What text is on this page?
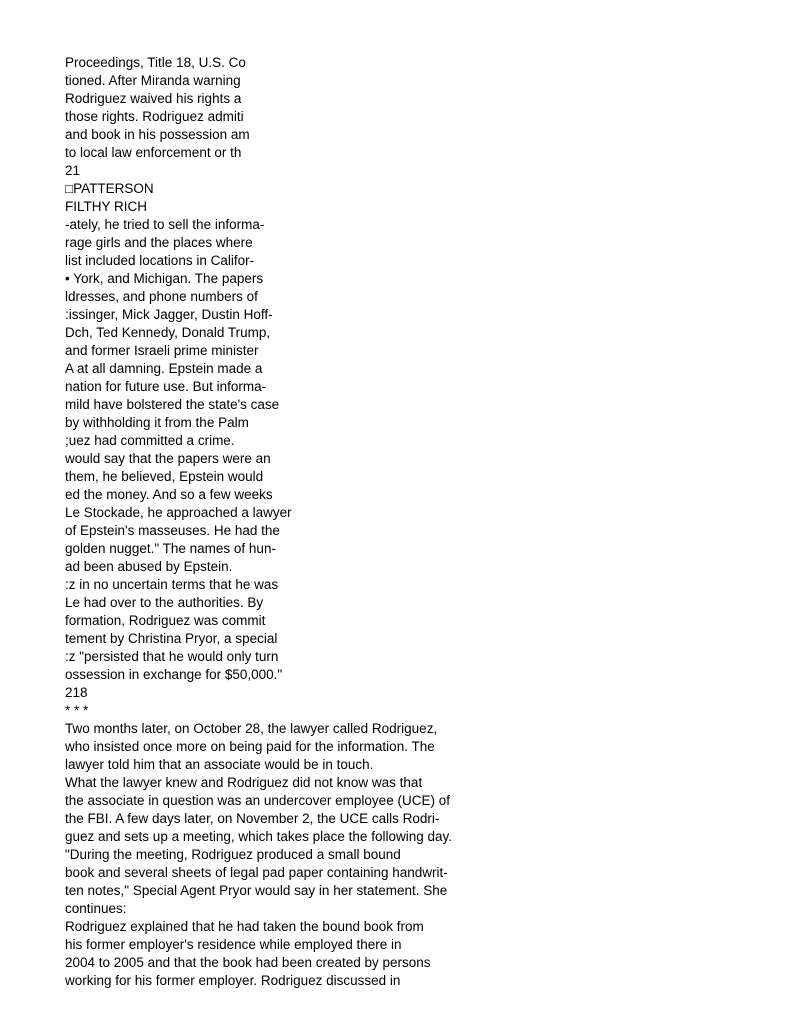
Proceedings, Title 18, U.S. Co
tioned. After Miranda warning
Rodriguez waived his rights a
those rights. Rodriguez admiti
and book in his possession am
to local law enforcement or th
21
□PATTERSON
FILTHY RICH
-ately, he tried to sell the informa-
rage girls and the places where
list included locations in Califor-
• York, and Michigan. The papers
ldresses, and phone numbers of
:issinger, Mick Jagger, Dustin Hoff-
Dch, Ted Kennedy, Donald Trump,
and former Israeli prime minister
A at all damning. Epstein made a
nation for future use. But informa-
mild have bolstered the state's case
by withholding it from the Palm
;uez had committed a crime.
would say that the papers were an
them, he believed, Epstein would
ed the money. And so a few weeks
Le Stockade, he approached a lawyer
of Epstein's masseuses. He had the
golden nugget." The names of hun-
ad been abused by Epstein.
:z in no uncertain terms that he was
Le had over to the authorities. By
formation, Rodriguez was commit
tement by Christina Pryor, a special
:z "persisted that he would only turn
ossession in exchange for $50,000."
218
* * *
Two months later, on October 28, the lawyer called Rodriguez,
who insisted once more on being paid for the information. The
lawyer told him that an associate would be in touch.
What the lawyer knew and Rodriguez did not know was that
the associate in question was an undercover employee (UCE) of
the FBI. A few days later, on November 2, the UCE calls Rodri-
guez and sets up a meeting, which takes place the following day.
"During the meeting, Rodriguez produced a small bound
book and several sheets of legal pad paper containing handwrit-
ten notes," Special Agent Pryor would say in her statement. She
continues:
Rodriguez explained that he had taken the bound book from
his former employer's residence while employed there in
2004 to 2005 and that the book had been created by persons
working for his former employer. Rodriguez discussed in
